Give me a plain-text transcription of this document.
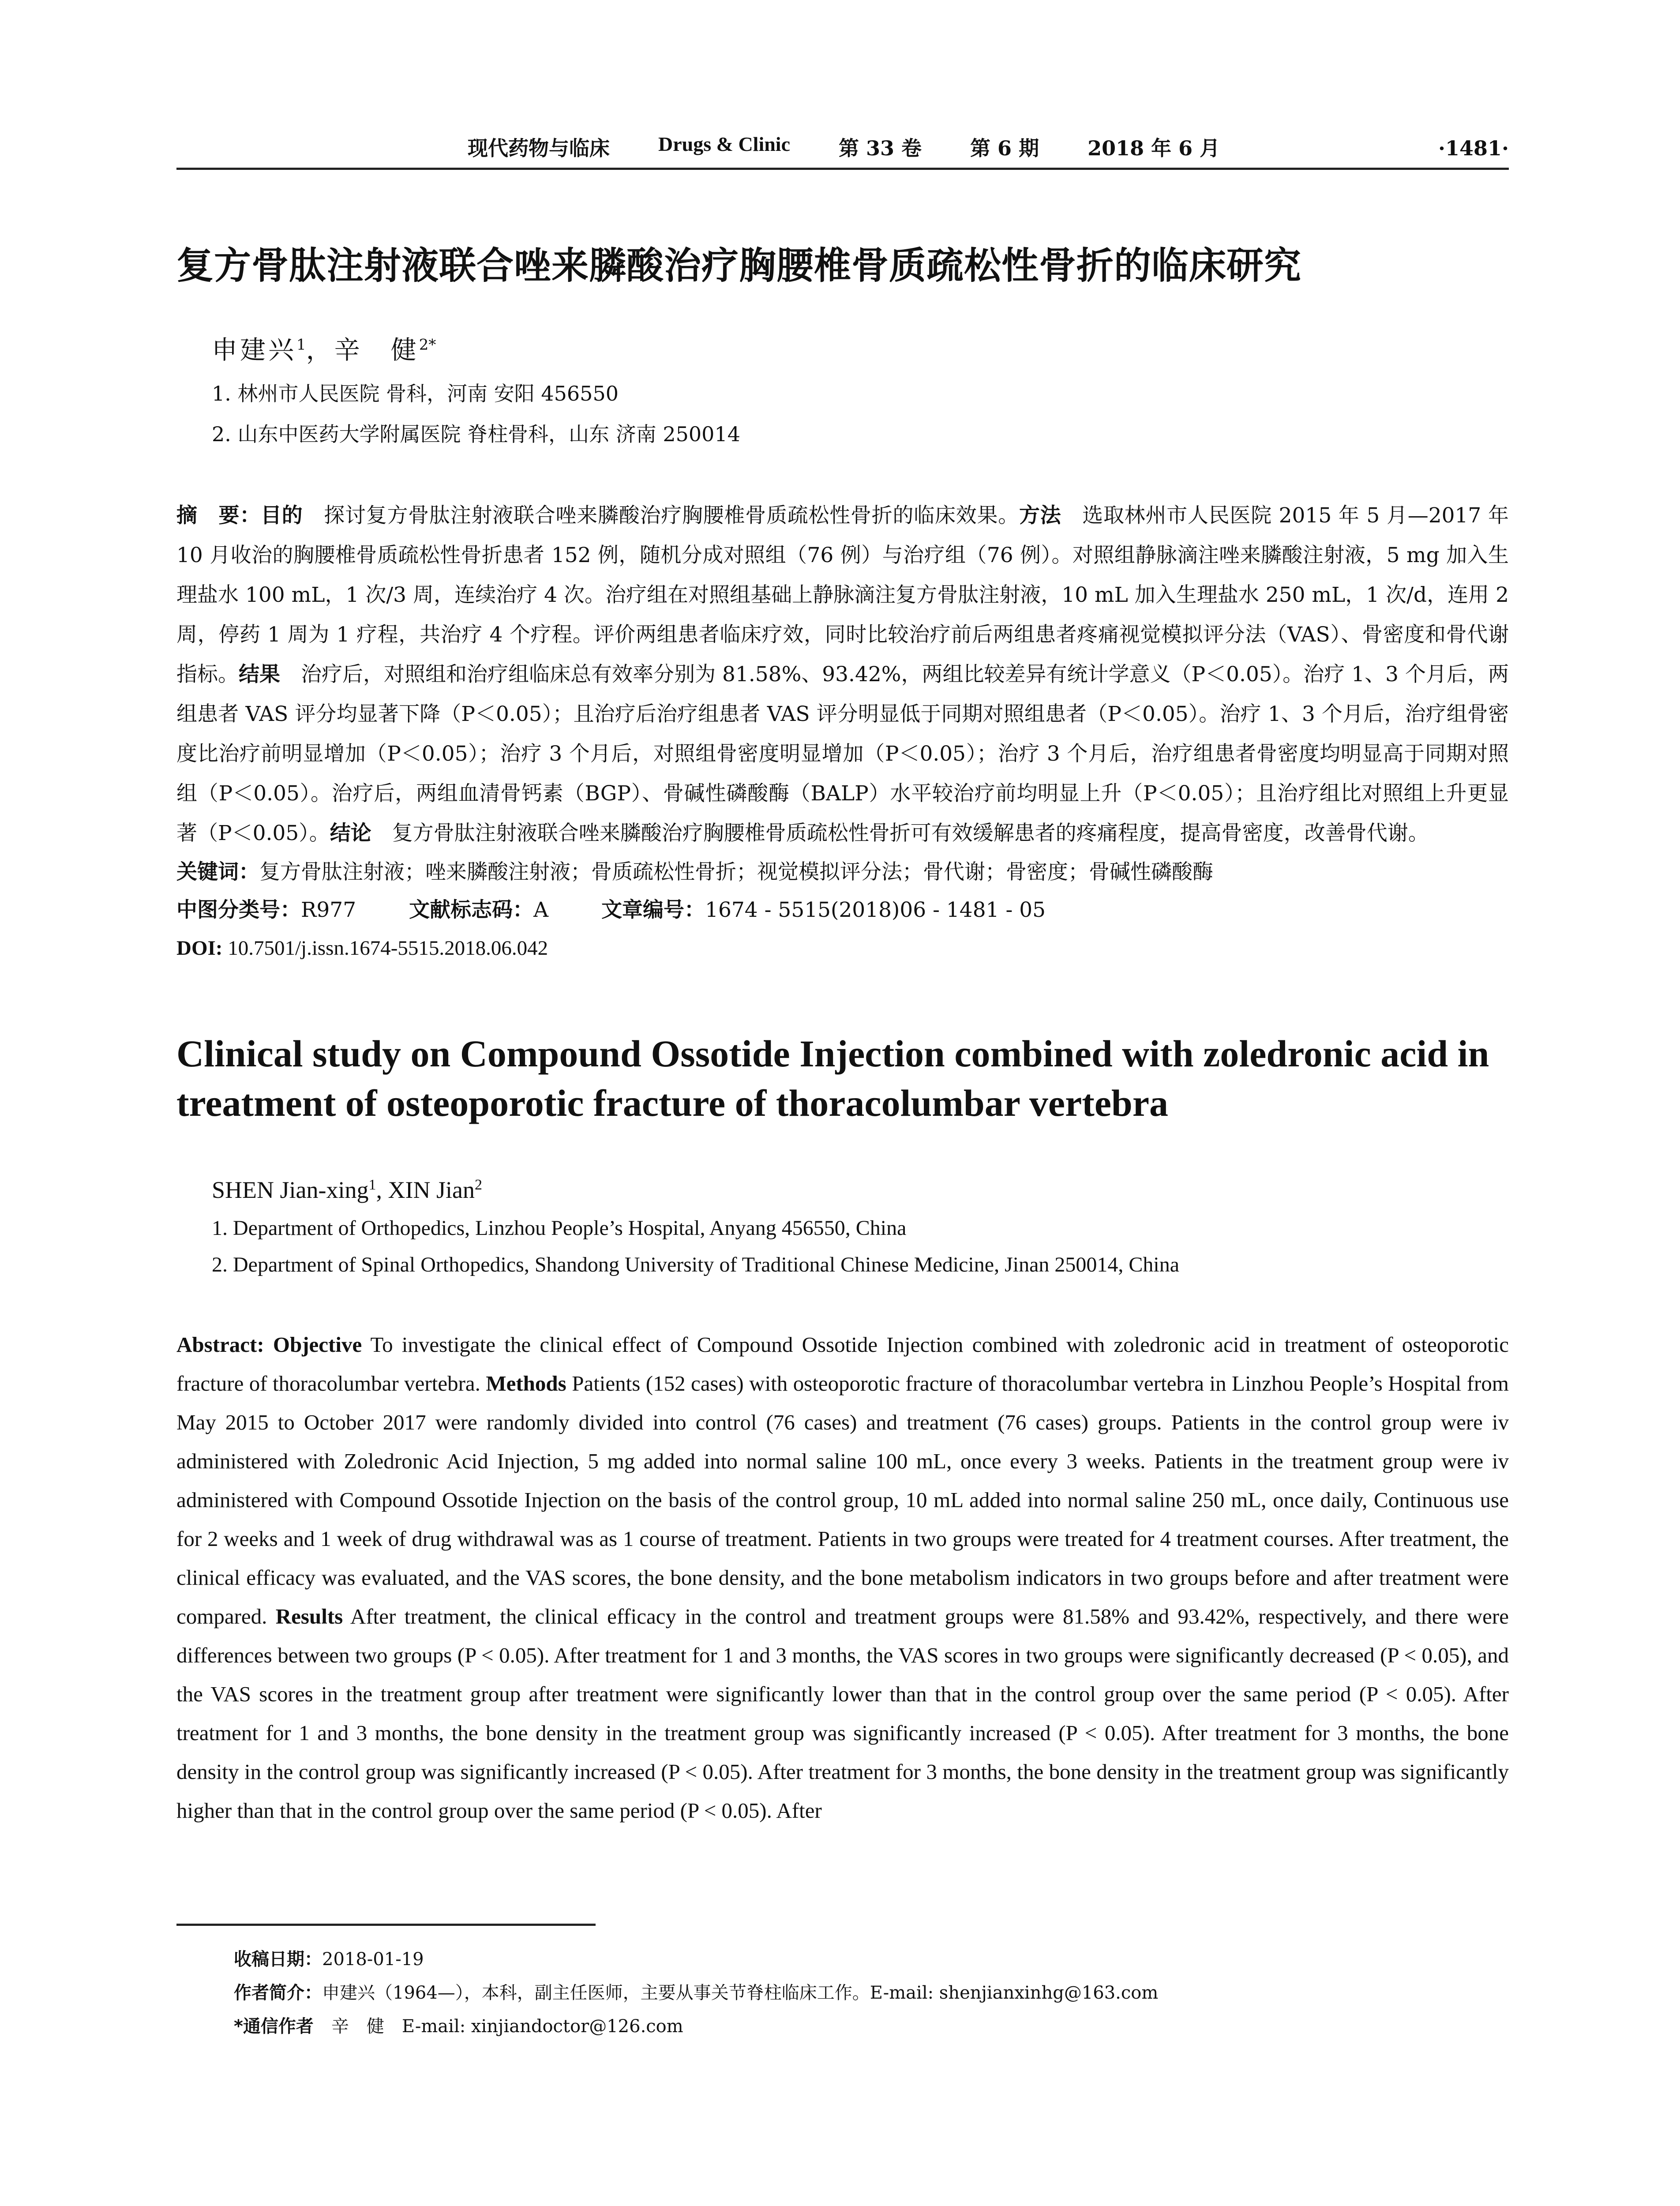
现代药物与临床 Drugs & Clinic 第 33 卷 第 6 期 2018 年 6 月	·1481·
复方骨肽注射液联合唑来膦酸治疗胸腰椎骨质疏松性骨折的临床研究
申建兴$^1$，辛　健$^{2*}$
1. 林州市人民医院 骨科，河南 安阳 456550
2. 山东中医药大学附属医院 脊柱骨科，山东 济南 250014
摘　要：目的　探讨复方骨肽注射液联合唑来膦酸治疗胸腰椎骨质疏松性骨折的临床效果。方法　选取林州市人民医院 2015 年 5 月—2017 年 10 月收治的胸腰椎骨质疏松性骨折患者 152 例，随机分成对照组（76 例）与治疗组（76 例）。对照组静脉滴注唑来膦酸注射液，5 mg 加入生理盐水 100 mL，1 次/3 周，连续治疗 4 次。治疗组在对照组基础上静脉滴注复方骨肽注射液，10 mL 加入生理盐水 250 mL，1 次/d，连用 2 周，停药 1 周为 1 疗程，共治疗 4 个疗程。评价两组患者临床疗效，同时比较治疗前后两组患者疼痛视觉模拟评分法（VAS）、骨密度和骨代谢指标。结果　治疗后，对照组和治疗组临床总有效率分别为 81.58%、93.42%，两组比较差异有统计学意义（P＜0.05）。治疗 1、3 个月后，两组患者 VAS 评分均显著下降（P＜0.05）；且治疗后治疗组患者 VAS 评分明显低于同期对照组患者（P＜0.05）。治疗 1、3 个月后，治疗组骨密度比治疗前明显增加（P＜0.05）；治疗 3 个月后，对照组骨密度明显增加（P＜0.05）；治疗 3 个月后，治疗组患者骨密度均明显高于同期对照组（P＜0.05）。治疗后，两组血清骨钙素（BGP）、骨碱性磷酸酶（BALP）水平较治疗前均明显上升（P＜0.05）；且治疗组比对照组上升更显著（P＜0.05）。结论　复方骨肽注射液联合唑来膦酸治疗胸腰椎骨质疏松性骨折可有效缓解患者的疼痛程度，提高骨密度，改善骨代谢。
关键词：复方骨肽注射液；唑来膦酸注射液；骨质疏松性骨折；视觉模拟评分法；骨代谢；骨密度；骨碱性磷酸酶
中图分类号：R977	文献标志码：A	文章编号：1674 - 5515(2018)06 - 1481 - 05
DOI: 10.7501/j.issn.1674-5515.2018.06.042
Clinical study on Compound Ossotide Injection combined with zoledronic acid in treatment of osteoporotic fracture of thoracolumbar vertebra
SHEN Jian-xing$^1$, XIN Jian$^2$
1. Department of Orthopedics, Linzhou People’s Hospital, Anyang 456550, China
2. Department of Spinal Orthopedics, Shandong University of Traditional Chinese Medicine, Jinan 250014, China
Abstract: Objective To investigate the clinical effect of Compound Ossotide Injection combined with zoledronic acid in treatment of osteoporotic fracture of thoracolumbar vertebra. Methods Patients (152 cases) with osteoporotic fracture of thoracolumbar vertebra in Linzhou People’s Hospital from May 2015 to October 2017 were randomly divided into control (76 cases) and treatment (76 cases) groups. Patients in the control group were iv administered with Zoledronic Acid Injection, 5 mg added into normal saline 100 mL, once every 3 weeks. Patients in the treatment group were iv administered with Compound Ossotide Injection on the basis of the control group, 10 mL added into normal saline 250 mL, once daily, Continuous use for 2 weeks and 1 week of drug withdrawal was as 1 course of treatment. Patients in two groups were treated for 4 treatment courses. After treatment, the clinical efficacy was evaluated, and the VAS scores, the bone density, and the bone metabolism indicators in two groups before and after treatment were compared. Results After treatment, the clinical efficacy in the control and treatment groups were 81.58% and 93.42%, respectively, and there were differences between two groups (P < 0.05). After treatment for 1 and 3 months, the VAS scores in two groups were significantly decreased (P < 0.05), and the VAS scores in the treatment group after treatment were significantly lower than that in the control group over the same period (P < 0.05). After treatment for 1 and 3 months, the bone density in the treatment group was significantly increased (P < 0.05). After treatment for 3 months, the bone density in the control group was significantly increased (P < 0.05). After treatment for 3 months, the bone density in the treatment group was significantly higher than that in the control group over the same period (P < 0.05). After
收稿日期：2018-01-19
作者简介：申建兴（1964—），本科，副主任医师，主要从事关节脊柱临床工作。E-mail: shenjianxinhg@163.com
*通信作者　辛　健　E-mail: xinjiandoctor@126.com
